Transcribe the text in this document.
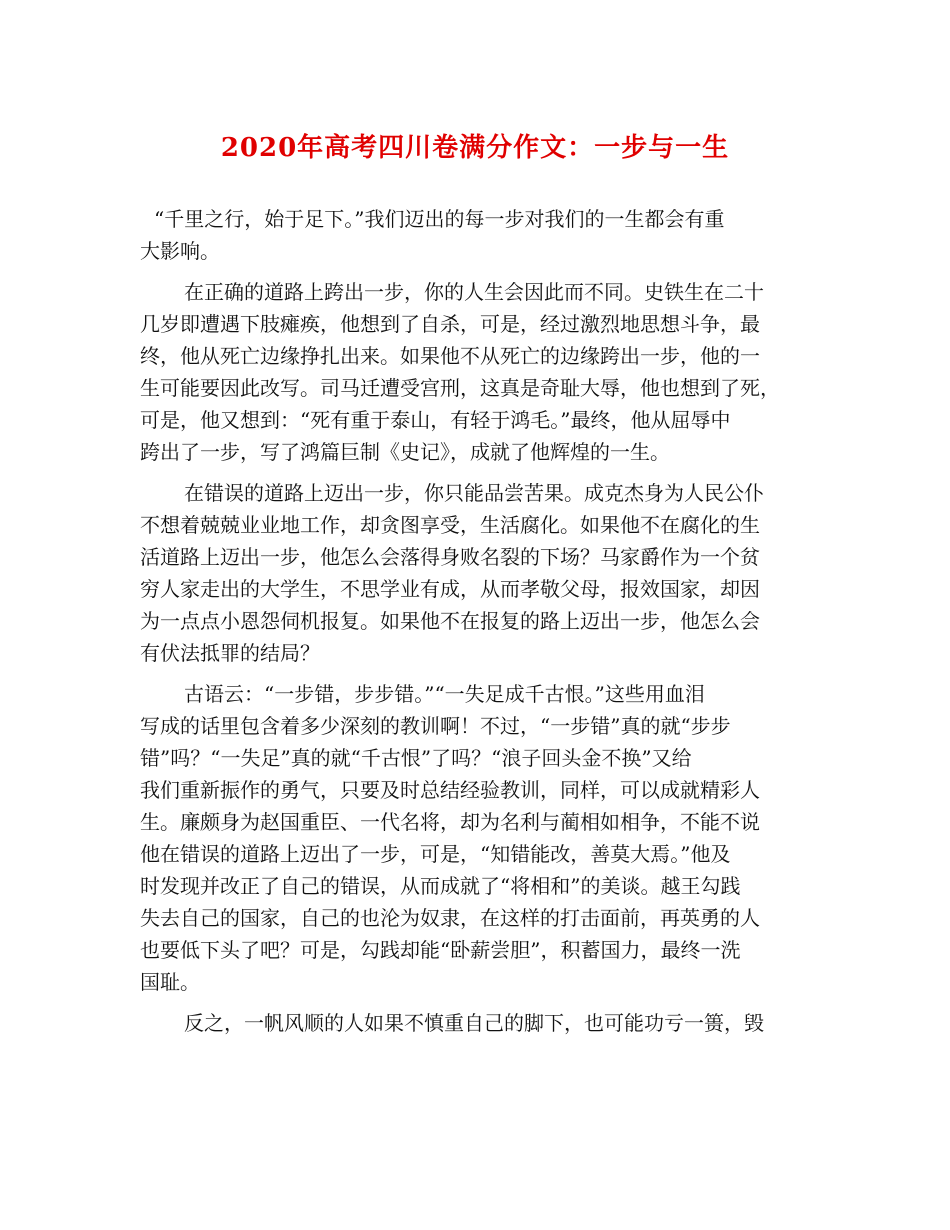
2020年高考四川卷满分作文：一步与一生
“千里之行，始于足下。”我们迈出的每一步对我们的一生都会有重
大影响。
在正确的道路上跨出一步，你的人生会因此而不同。史铁生在二十
几岁即遭遇下肢瘫痪，他想到了自杀，可是，经过激烈地思想斗争，最
终，他从死亡边缘挣扎出来。如果他不从死亡的边缘跨出一步，他的一
生可能要因此改写。司马迁遭受宫刑，这真是奇耻大辱，他也想到了死，
可是，他又想到：“死有重于泰山，有轻于鸿毛。”最终，他从屈辱中
跨出了一步，写了鸿篇巨制《史记》，成就了他辉煌的一生。
在错误的道路上迈出一步，你只能品尝苦果。成克杰身为人民公仆
不想着兢兢业业地工作，却贪图享受，生活腐化。如果他不在腐化的生
活道路上迈出一步，他怎么会落得身败名裂的下场？马家爵作为一个贫
穷人家走出的大学生，不思学业有成，从而孝敬父母，报效国家，却因
为一点点小恩怨伺机报复。如果他不在报复的路上迈出一步，他怎么会
有伏法抵罪的结局？
古语云：“一步错，步步错。”“一失足成千古恨。”这些用血泪
写成的话里包含着多少深刻的教训啊！不过，“一步错”真的就“步步
错”吗？“一失足”真的就“千古恨”了吗？“浪子回头金不换”又给
我们重新振作的勇气，只要及时总结经验教训，同样，可以成就精彩人
生。廉颇身为赵国重臣、一代名将，却为名利与蔺相如相争，不能不说
他在错误的道路上迈出了一步，可是，“知错能改，善莫大焉。”他及
时发现并改正了自己的错误，从而成就了“将相和”的美谈。越王勾践
失去自己的国家，自己的也沦为奴隶，在这样的打击面前，再英勇的人
也要低下头了吧？可是，勾践却能“卧薪尝胆”，积蓄国力，最终一洗
国耻。
反之，一帆风顺的人如果不慎重自己的脚下，也可能功亏一篑，毁
